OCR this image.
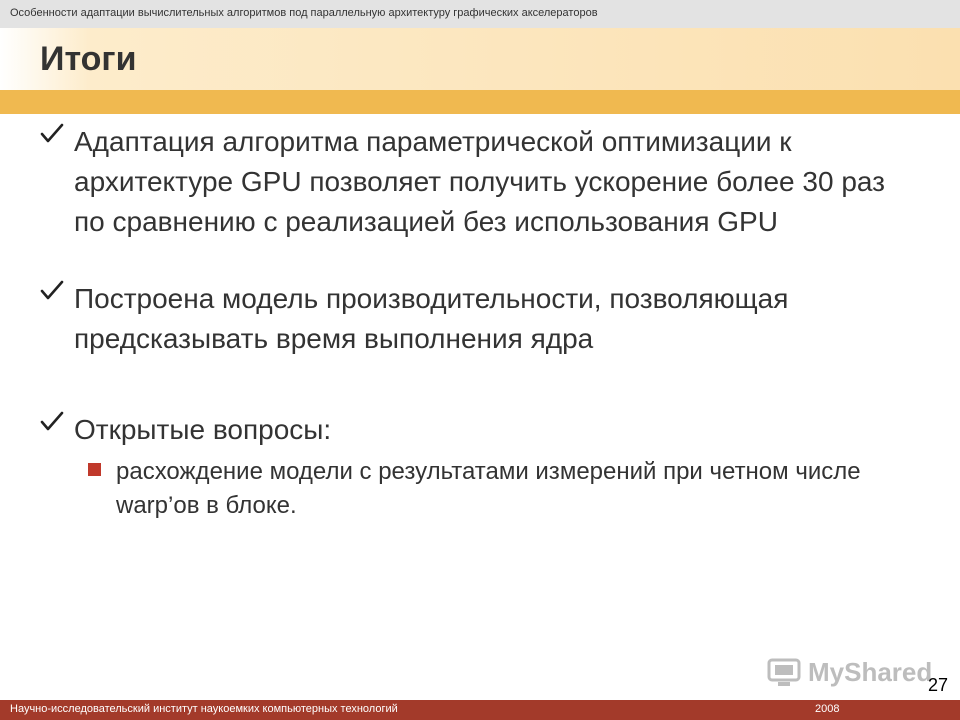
Особенности адаптации вычислительных алгоритмов под параллельную архитектуру графических акселераторов
Итоги
Адаптация алгоритма параметрической оптимизации к архитектуре GPU позволяет получить ускорение более 30 раз по сравнению с реализацией без использования GPU
Построена модель производительности, позволяющая предсказывать время выполнения ядра
Открытые вопросы:
расхождение модели с результатами измерений при четном числе warp’ов в блоке.
MyShared
27
Научно-исследовательский институт наукоемких компьютерных технологий	2008
